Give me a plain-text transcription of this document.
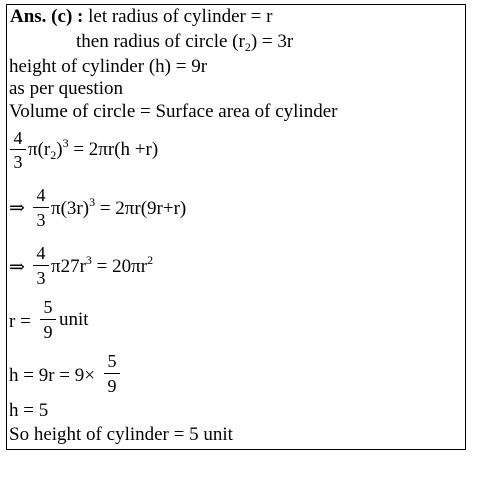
Ans. (c) : let radius of cylinder = r
then radius of circle $(r_2) = 3r$
height of cylinder (h) = 9r
as per question
Volume of circle = Surface area of cylinder
4
3
$\pi(r_2)^3 = 2\pi r(h +r)$
⇒
4
3
$\pi(3r)^3 = 2\pi r(9r+r)$
⇒
4
3
$\pi 27r^3 = 20\pi r^2$
r =
5
9
unit
h = 9r = 9×
5
9
h = 5
So height of cylinder = 5 unit
